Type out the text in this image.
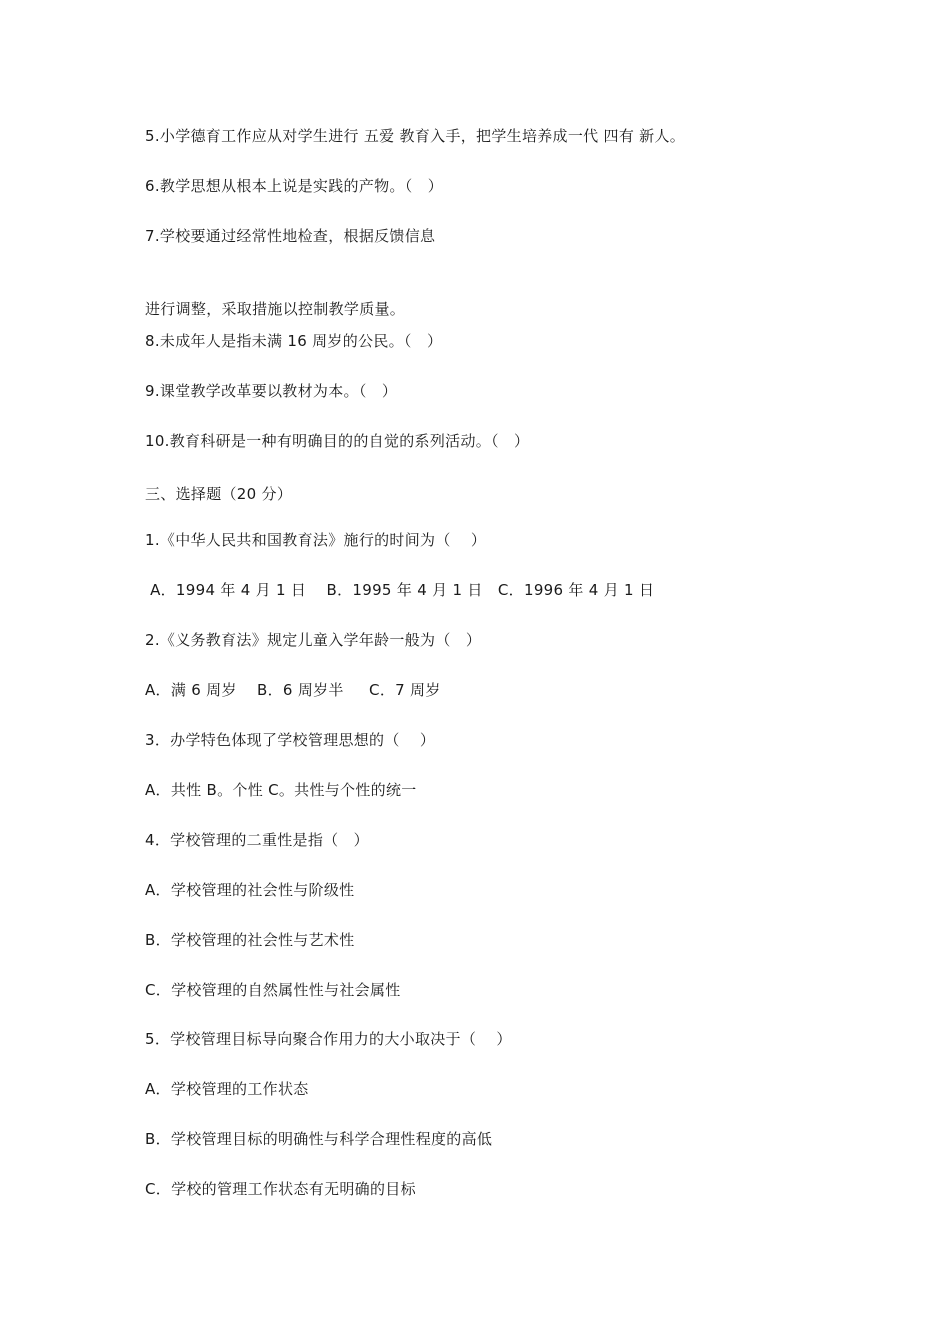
5.小学德育工作应从对学生进行 五爱 教育入手，把学生培养成一代 四有 新人。
6.教学思想从根本上说是实践的产物。（   ）
7.学校要通过经常性地检查，根据反馈信息
进行调整，采取措施以控制教学质量。
8.未成年人是指未满 16 周岁的公民。（   ）
9.课堂教学改革要以教材为本。（   ）
10.教育科研是一种有明确目的的自觉的系列活动。（   ）
三、选择题（20 分）
1.《中华人民共和国教育法》施行的时间为（    ）
A．1994 年 4 月 1 日    B．1995 年 4 月 1 日   C．1996 年 4 月 1 日
2.《义务教育法》规定儿童入学年龄一般为（   ）
A．满 6 周岁    B．6 周岁半     C．7 周岁
3．办学特色体现了学校管理思想的（    ）
A．共性 B。个性 C。共性与个性的统一
4．学校管理的二重性是指（   ）
A．学校管理的社会性与阶级性
B．学校管理的社会性与艺术性
C．学校管理的自然属性性与社会属性
5．学校管理目标导向聚合作用力的大小取决于（    ）
A．学校管理的工作状态
B．学校管理目标的明确性与科学合理性程度的高低
C．学校的管理工作状态有无明确的目标
